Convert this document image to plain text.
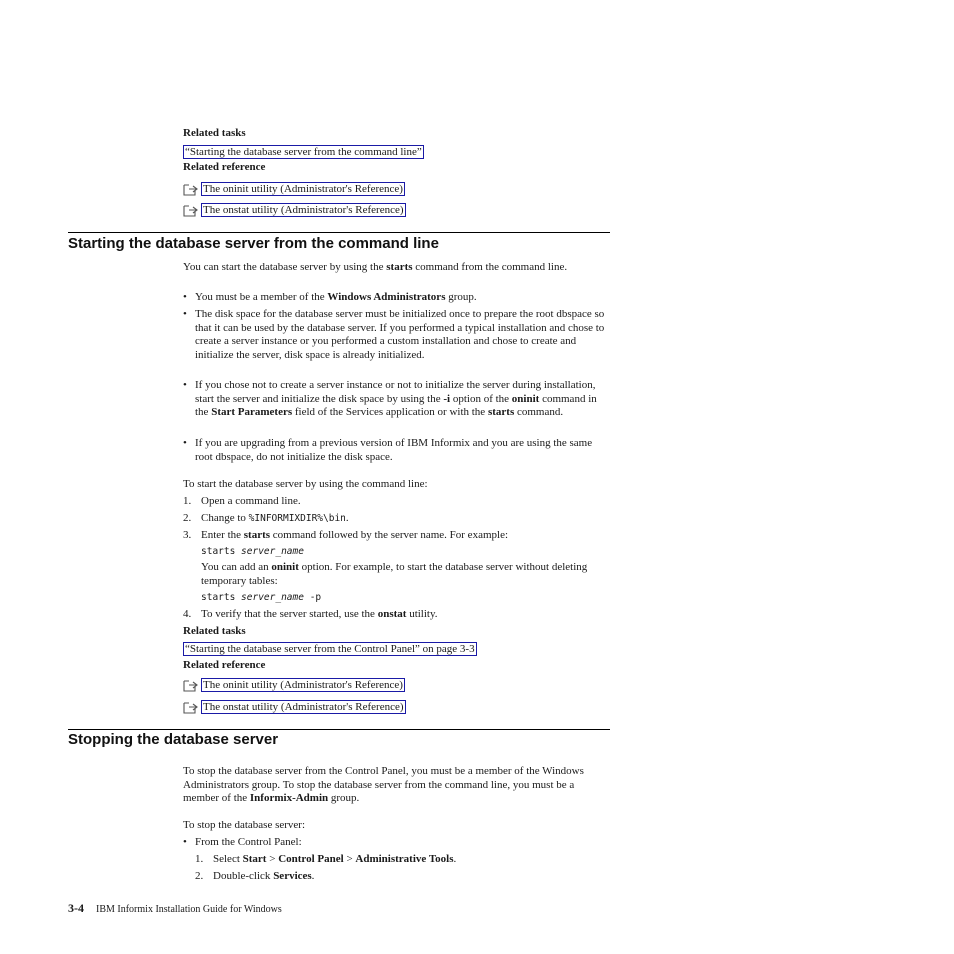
Related tasks
“Starting the database server from the command line”
Related reference
The oninit utility (Administrator's Reference)
The onstat utility (Administrator's Reference)
Starting the database server from the command line
You can start the database server by using the starts command from the command line.
• You must be a member of the Windows Administrators group.
• The disk space for the database server must be initialized once to prepare the root dbspace so that it can be used by the database server. If you performed a typical installation and chose to create a server instance or you performed a custom installation and chose to create and initialize the server, disk space is already initialized.
• If you chose not to create a server instance or not to initialize the server during installation, start the server and initialize the disk space by using the -i option of the oninit command in the Start Parameters field of the Services application or with the starts command.
• If you are upgrading from a previous version of IBM Informix and you are using the same root dbspace, do not initialize the disk space.
To start the database server by using the command line:
1. Open a command line.
2. Change to %INFORMIXDIR%\bin.
3. Enter the starts command followed by the server name. For example:
starts server_name
You can add an oninit option. For example, to start the database server without deleting temporary tables:
starts server_name -p
4. To verify that the server started, use the onstat utility.
Related tasks
“Starting the database server from the Control Panel” on page 3-3
Related reference
The oninit utility (Administrator's Reference)
The onstat utility (Administrator's Reference)
Stopping the database server
To stop the database server from the Control Panel, you must be a member of the Windows Administrators group. To stop the database server from the command line, you must be a member of the Informix-Admin group.
To stop the database server:
• From the Control Panel:
1. Select Start > Control Panel > Administrative Tools.
2. Double-click Services.
3-4 IBM Informix Installation Guide for Windows
